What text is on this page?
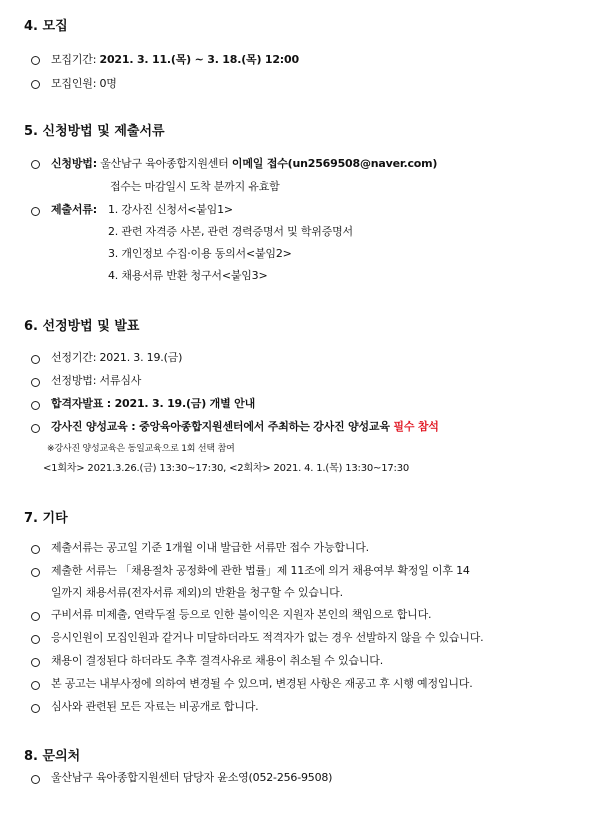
4. 모집
모집기간: 2021. 3. 11.(목) ~ 3. 18.(목) 12:00
모집인원: 0명
5. 신청방법 및 제출서류
신청방법: 울산남구 육아종합지원센터 이메일 접수(un2569508@naver.com)
접수는 마감일시 도착 분까지 유효함
제출서류: 1. 강사진 신청서<붙임1>
2. 관련 자격증 사본, 관련 경력증명서 및 학위증명서
3. 개인정보 수집·이용 동의서<붙임2>
4. 채용서류 반환 청구서<붙임3>
6. 선정방법 및 발표
선정기간: 2021. 3. 19.(금)
선정방법: 서류심사
합격자발표 : 2021. 3. 19.(금) 개별 안내
강사진 양성교육 : 중앙육아종합지원센터에서 주최하는 강사진 양성교육 필수 참석
※강사진 양성교육은 동일교육으로 1회 선택 참여
<1회차> 2021.3.26.(금) 13:30~17:30, <2회차> 2021. 4. 1.(목) 13:30~17:30
7. 기타
제출서류는 공고일 기준 1개월 이내 발급한 서류만 접수 가능합니다.
제출한 서류는 「채용절차 공정화에 관한 법률」제 11조에 의거 채용여부 확정일 이후 14
일까지 채용서류(전자서류 제외)의 반환을 청구할 수 있습니다.
구비서류 미제출, 연락두절 등으로 인한 불이익은 지원자 본인의 책임으로 합니다.
응시인원이 모집인원과 같거나 미달하더라도 적격자가 없는 경우 선발하지 않을 수 있습니다.
채용이 결정된다 하더라도 추후 결격사유로 채용이 취소될 수 있습니다.
본 공고는 내부사정에 의하여 변경될 수 있으며, 변경된 사항은 재공고 후 시행 예정입니다.
심사와 관련된 모든 자료는 비공개로 합니다.
8. 문의처
울산남구 육아종합지원센터 담당자 윤소영(052-256-9508)
